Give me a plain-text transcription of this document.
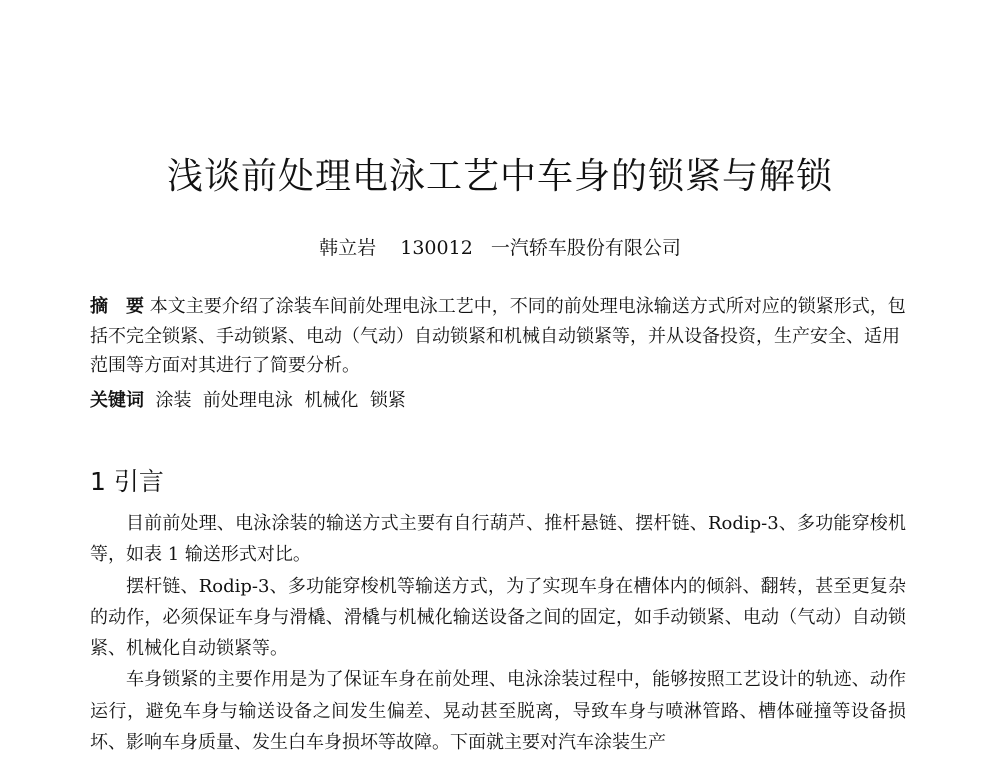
浅谈前处理电泳工艺中车身的锁紧与解锁
韩立岩 130012 一汽轿车股份有限公司
摘　要 本文主要介绍了涂装车间前处理电泳工艺中，不同的前处理电泳输送方式所对应的锁紧形式，包括不完全锁紧、手动锁紧、电动（气动）自动锁紧和机械自动锁紧等，并从设备投资，生产安全、适用范围等方面对其进行了简要分析。
关键词 涂装 前处理电泳 机械化 锁紧
1 引言

目前前处理、电泳涂装的输送方式主要有自行葫芦、推杆悬链、摆杆链、Rodip-3、多功能穿梭机等，如表 1 输送形式对比。

摆杆链、Rodip-3、多功能穿梭机等输送方式，为了实现车身在槽体内的倾斜、翻转，甚至更复杂的动作，必须保证车身与滑橇、滑橇与机械化输送设备之间的固定，如手动锁紧、电动（气动）自动锁紧、机械化自动锁紧等。

车身锁紧的主要作用是为了保证车身在前处理、电泳涂装过程中，能够按照工艺设计的轨迹、动作运行，避免车身与输送设备之间发生偏差、晃动甚至脱离，导致车身与喷淋管路、槽体碰撞等设备损坏、影响车身质量、发生白车身损坏等故障。下面就主要对汽车涂装生产
